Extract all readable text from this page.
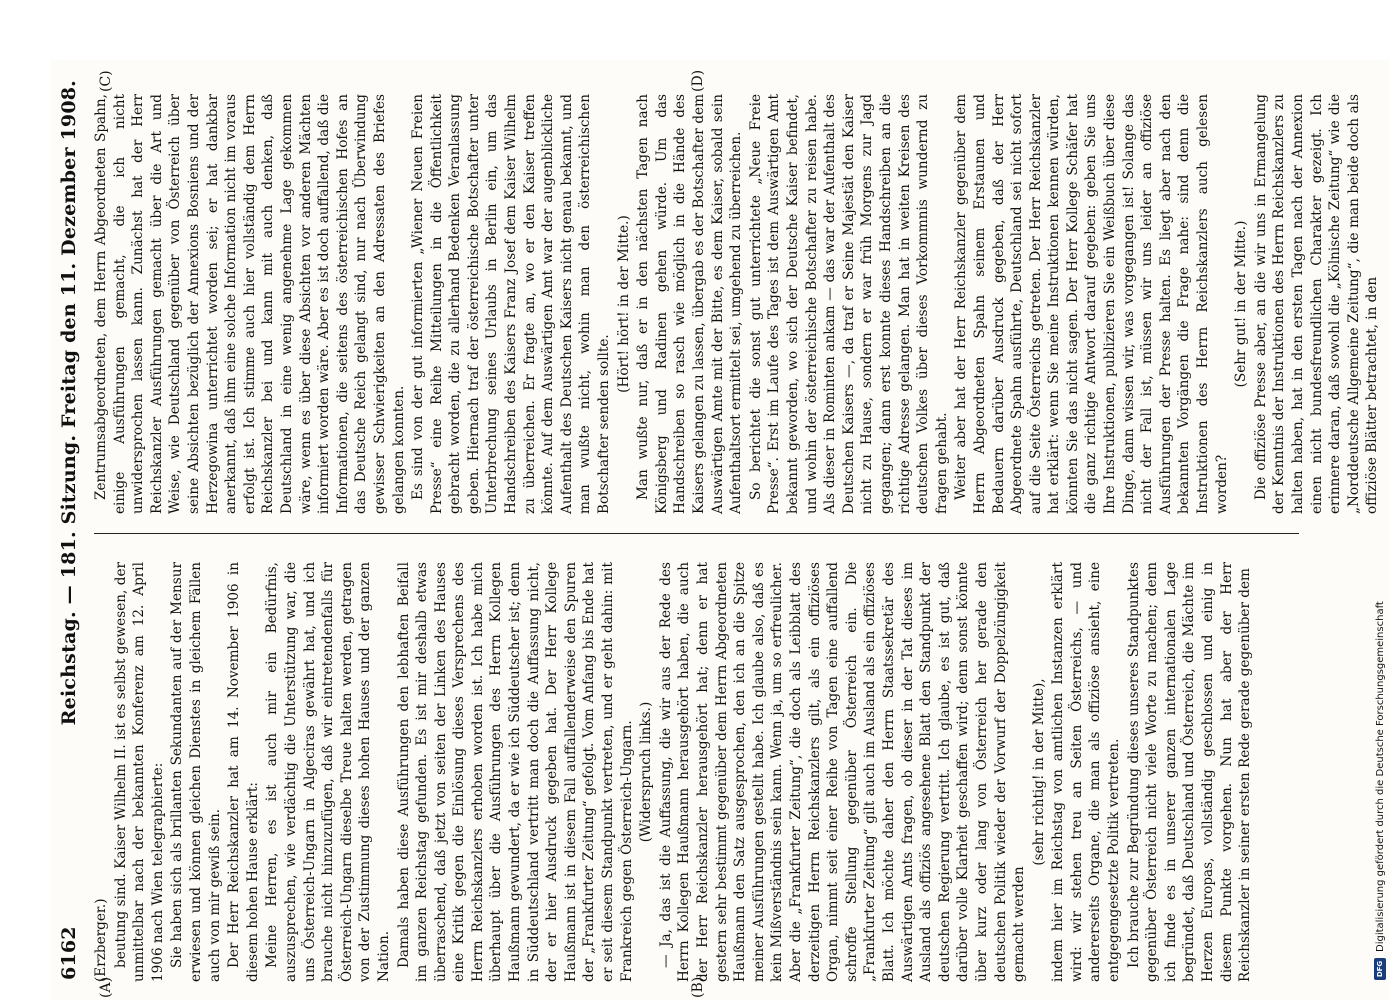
6162
Reichstag. — 181. Sitzung. Freitag den 11. Dezember 1908.
(A)	(B)
(C)	(D)

(Erzberger.) beutung sind. Kaiser Wilhelm II. ist es selbst gewesen, der unmittelbar nach der bekannten Konferenz am 12. April 1906 nach Wien telegraphierte: Sie haben sich als brillanten Sekundanten auf der Mensur erwiesen und können gleichen Dienstes in gleichem Fällen auch von mir gewiß sein. Der Herr Reichskanzler hat am 14. November 1906 in diesem hohen Hause erklärt: Meine Herren, es ist auch mir ein Bedürfnis, auszusprechen, wie verdächtig die Unterstützung war, die uns Österreich-Ungarn in Algeciras gewährt hat, und ich brauche nicht hinzuzufügen, daß wir eintretendenfalls für Österreich-Ungarn dieselbe Treue halten werden, getragen von der Zustimmung dieses hohen Hauses und der ganzen Nation. Damals haben diese Ausführungen den lebhaften Beifall im ganzen Reichstag gefunden. Es ist mir deshalb etwas überraschend, daß jetzt von seiten der Linken des Hauses eine Kritik gegen die Einlösung dieses Versprechens des Herrn Reichskanzlers erhoben worden ist. Ich habe mich überhaupt über die Ausführungen des Herrn Kollegen Haußmann gewundert, da er wie ich Süddeutscher ist; denn in Süddeutschland vertritt man doch die Auffassung nicht, der er hier Ausdruck gegeben hat. Der Herr Kollege Haußmann ist in diesem Fall auffallenderweise den Spuren der „Frankfurter Zeitung“ gefolgt. Vom Anfang bis Ende hat er seit diesem Standpunkt vertreten, und er geht dahin: mit Frankreich gegen Österreich-Ungarn. (Widerspruch links.) — Ja, das ist die Auffassung, die wir aus der Rede des Herrn Kollegen Haußmann herausgehört haben, die auch der Herr Reichskanzler herausgehört hat; denn er hat gestern sehr bestimmt gegenüber dem Herrn Abgeordneten Haußmann den Satz ausgesprochen, den ich an die Spitze meiner Ausführungen gestellt habe. Ich glaube also, daß es kein Mißverständnis sein kann. Wenn ja, um so erfreulicher. Aber die „Frankfurter Zeitung“, die doch als Leibblatt des derzeitigen Herrn Reichskanzlers gilt, als ein offiziöses Organ, nimmt seit einer Reihe von Tagen eine auffallend schroffe Stellung gegenüber Österreich ein. Die „Frankfurter Zeitung“ gilt auch im Ausland als ein offiziöses Blatt. Ich möchte daher den Herrn Staatssekretär des Auswärtigen Amts fragen, ob dieser in der Tat dieses im Ausland als offiziös angesehene Blatt den Standpunkt der deutschen Regierung vertritt. Ich glaube, es ist gut, daß darüber volle Klarheit geschaffen wird; denn sonst könnte über kurz oder lang von Österreich her gerade den deutschen Politik wieder der Vorwurf der Doppelzüngigkeit gemacht werden

(sehr richtig! in der Mitte), indem hier im Reichstag von amtlichen Instanzen erklärt wird: wir stehen treu an Seiten Österreichs, — und andererseits Organe, die man als offiziöse ansieht, eine entgegengesetzte Politik vertreten. Ich brauche zur Begründung dieses unseres Standpunktes gegenüber Österreich nicht viele Worte zu machen; denn ich finde es in unserer ganzen internationalen Lage begründet, daß Deutschland und Österreich, die Mächte im Herzen Europas, vollständig geschlossen und einig in diesem Punkte vorgehen. Nun hat aber der Herr Reichskanzler in seiner ersten Rede gerade gegenüber dem

Zentrumsabgeordneten, dem Herrn Abgeordneten Spahn, einige Ausführungen gemacht, die ich nicht unwidersprochen lassen kann. Zunächst hat der Herr Reichskanzler Ausführungen gemacht über die Art und Weise, wie Deutschland gegenüber von Österreich über seine Absichten bezüglich der Annexions Bosniens und der Herzegowina unterrichtet worden sei; er hat dankbar anerkannt, daß ihm eine solche Information nicht im voraus erfolgt ist. Ich stimme auch hier vollständig dem Herrn Reichskanzler bei und kann mit auch denken, daß Deutschland in eine wenig angenehme Lage gekommen wäre, wenn es über diese Absichten vor anderen Mächten informiert worden wäre. Aber es ist doch auffallend, daß die Informationen, die seitens des österreichischen Hofes an das Deutsche Reich gelangt sind, nur nach Überwindung gewisser Schwierigkeiten an den Adressaten des Briefes gelangen konnten. Es sind von der gut informierten „Wiener Neuen Freien Presse“ eine Reihe Mitteilungen in die Öffentlichkeit gebracht worden, die zu allerhand Bedenken Veranlassung geben. Hiernach traf der österreichische Botschafter unter Unterbrechung seines Urlaubs in Berlin ein, um das Handschreiben des Kaisers Franz Josef dem Kaiser Wilhelm zu überreichen. Er fragte an, wo er den Kaiser treffen könnte. Auf dem Auswärtigen Amt war der augenblickliche Aufenthalt des Deutschen Kaisers nicht genau bekannt, und man wußte nicht, wohin man den österreichischen Botschafter senden sollte.

(Hört! hört! in der Mitte.) Man wußte nur, daß er in den nächsten Tagen nach Königsberg und Radinen gehen würde. Um das Handschreiben so rasch wie möglich in die Hände des Kaisers gelangen zu lassen, übergab es der Botschafter dem Auswärtigen Amte mit der Bitte, es dem Kaiser, sobald sein Aufenthaltsort ermittelt sei, umgehend zu überreichen. So berichtet die sonst gut unterrichtete „Neue Freie Presse“. Erst im Laufe des Tages ist dem Auswärtigen Amt bekannt geworden, wo sich der Deutsche Kaiser befindet, und wohin der österreichische Botschafter zu reisen habe. Als dieser in Rominten ankam — das war der Aufenthalt des Deutschen Kaisers —, da traf er Seine Majestät den Kaiser nicht zu Hause, sondern er war früh Morgens zur Jagd gegangen; dann erst konnte dieses Handschreiben an die richtige Adresse gelangen. Man hat in weiten Kreisen des deutschen Volkes über dieses Vorkommnis wundernd zu fragen gehabt. Weiter aber hat der Herr Reichskanzler gegenüber dem Herrn Abgeordneten Spahn seinem Erstaunen und Bedauern darüber Ausdruck gegeben, daß der Herr Abgeordnete Spahn ausführte, Deutschland sei nicht sofort auf die Seite Österreichs getreten. Der Herr Reichskanzler hat erklärt: wenn Sie meine Instruktionen kennen würden, könnten Sie das nicht sagen. Der Herr Kollege Schäfer hat die ganz richtige Antwort darauf gegeben: geben Sie uns Ihre Instruktionen, publizieren Sie ein Weißbuch über diese Dinge, dann wissen wir, was vorgegangen ist! Solange das nicht der Fall ist, müssen wir uns leider an offiziöse Ausführungen der Presse halten. Es liegt aber nach den bekannten Vorgängen die Frage nahe: sind denn die Instruktionen des Herrn Reichskanzlers auch gelesen worden?

(Sehr gut! in der Mitte.) Die offiziöse Presse aber, an die wir uns in Ermangelung der Kenntnis der Instruktionen des Herrn Reichskanzlers zu halten haben, hat in den ersten Tagen nach der Annexion einen nicht bundesfreundlichen Charakter gezeigt. Ich erinnere daran, daß sowohl die „Kölnische Zeitung“ wie die „Norddeutsche Allgemeine Zeitung“, die man beide doch als offiziöse Blätter betrachtet, in den

DFG
Digitalisierung gefördert durch die Deutsche Forschungsgemeinschaft
